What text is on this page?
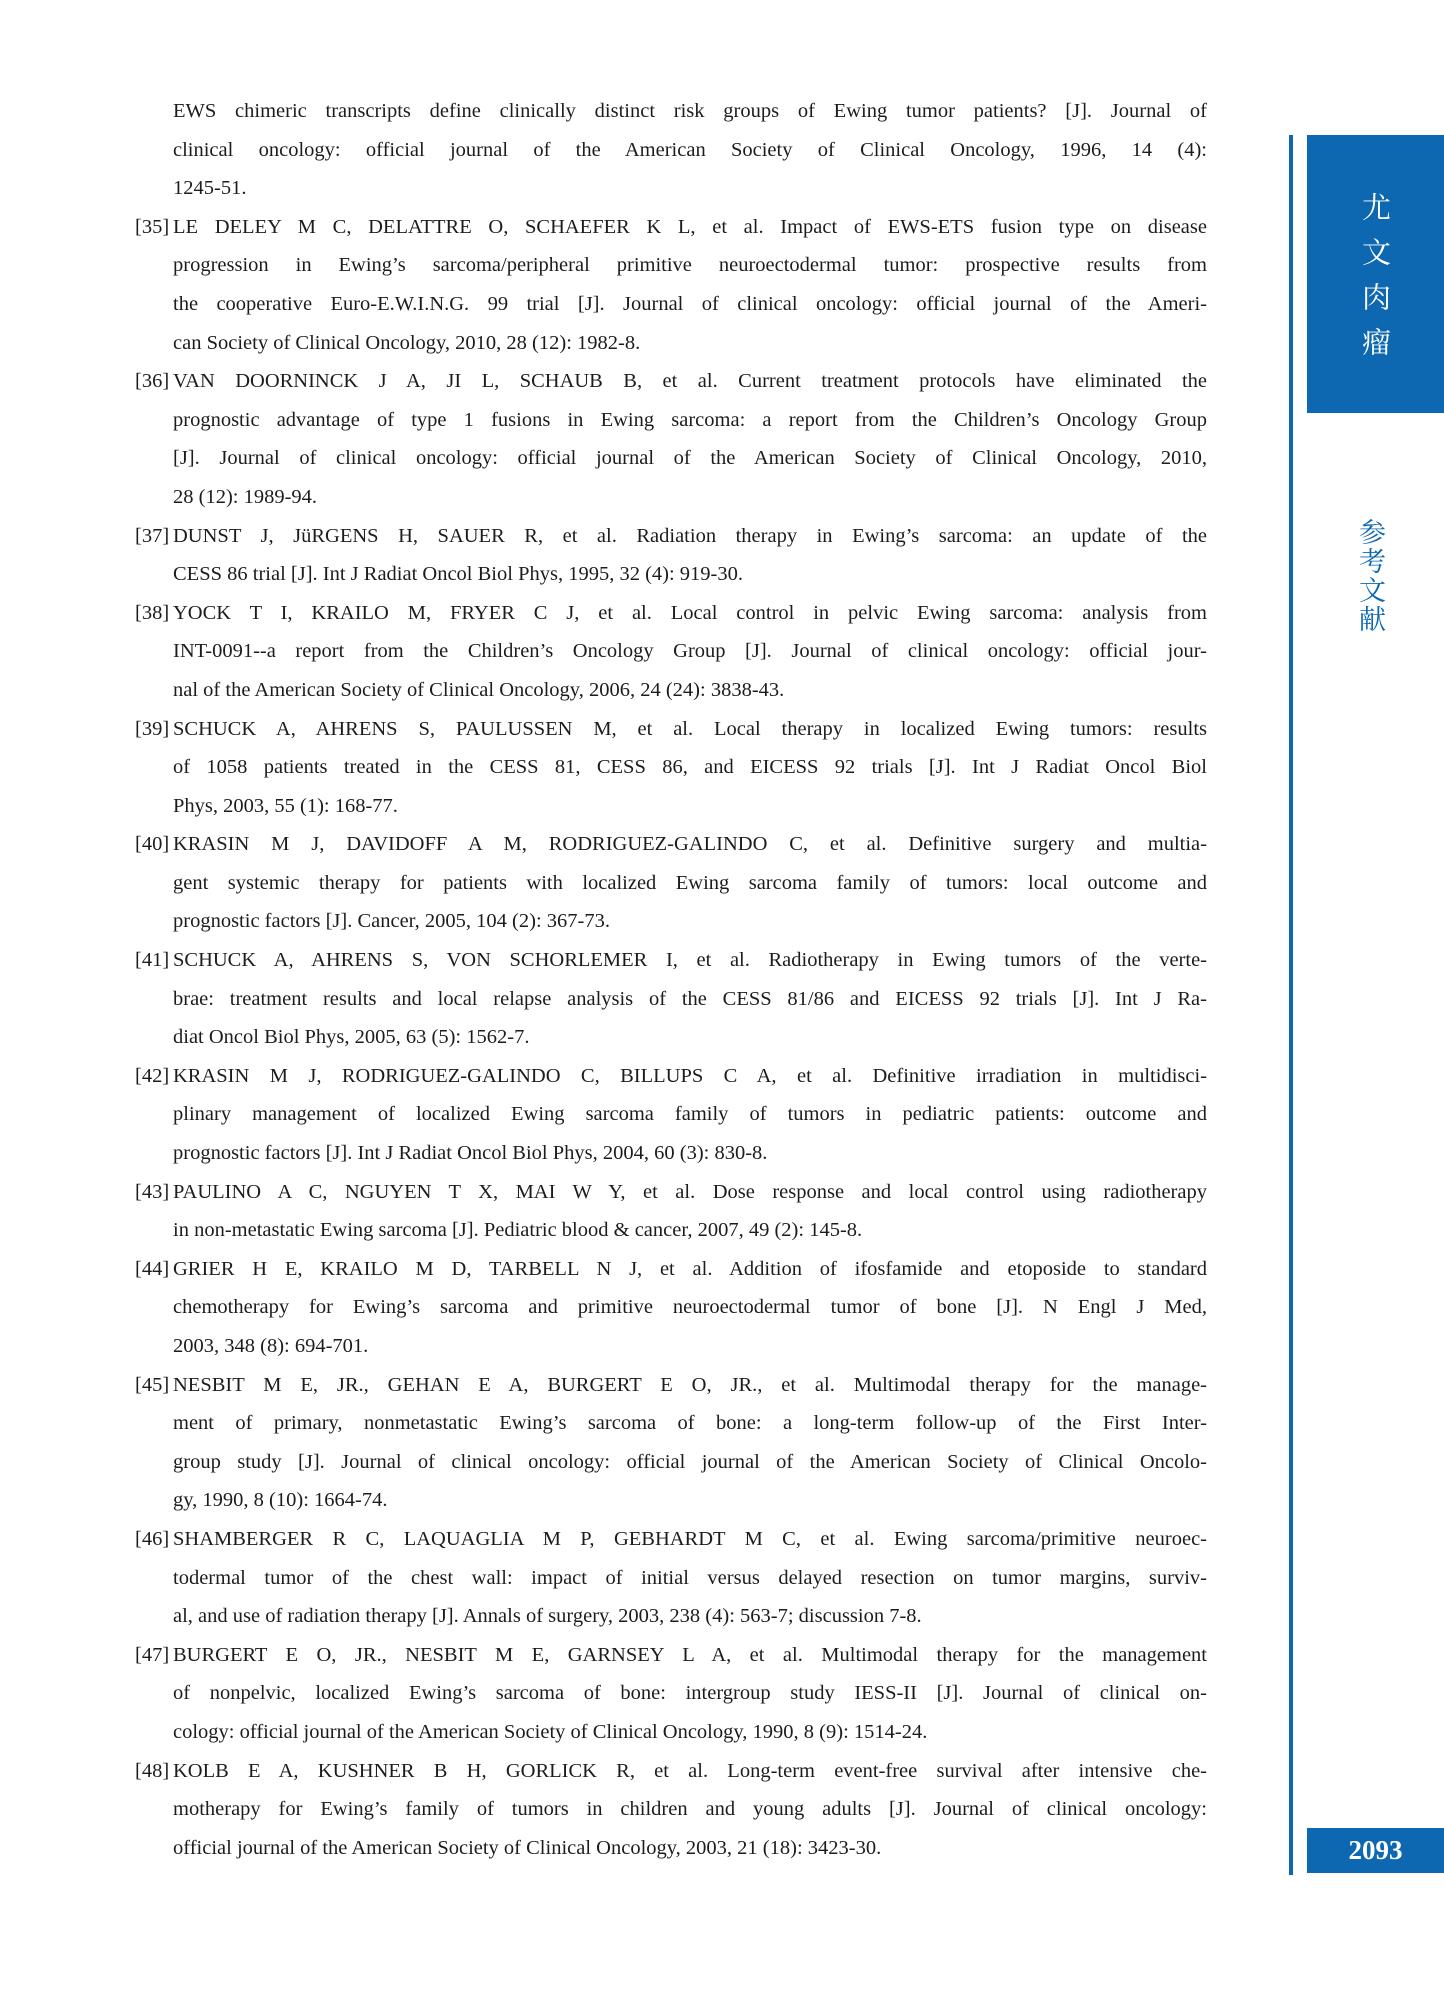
EWS chimeric transcripts define clinically distinct risk groups of Ewing tumor patients? [J]. Journal of
clinical oncology: official journal of the American Society of Clinical Oncology, 1996, 14 (4):
1245-51.
[35] LE DELEY M C, DELATTRE O, SCHAEFER K L, et al. Impact of EWS-ETS fusion type on disease
progression in Ewing’s sarcoma/peripheral primitive neuroectodermal tumor: prospective results from
the cooperative Euro-E.W.I.N.G. 99 trial [J]. Journal of clinical oncology: official journal of the Ameri-
can Society of Clinical Oncology, 2010, 28 (12): 1982-8.
[36] VAN DOORNINCK J A, JI L, SCHAUB B, et al. Current treatment protocols have eliminated the
prognostic advantage of type 1 fusions in Ewing sarcoma: a report from the Children’s Oncology Group
[J]. Journal of clinical oncology: official journal of the American Society of Clinical Oncology, 2010,
28 (12): 1989-94.
[37] DUNST J, JüRGENS H, SAUER R, et al. Radiation therapy in Ewing’s sarcoma: an update of the
CESS 86 trial [J]. Int J Radiat Oncol Biol Phys, 1995, 32 (4): 919-30.
[38] YOCK T I, KRAILO M, FRYER C J, et al. Local control in pelvic Ewing sarcoma: analysis from
INT-0091--a report from the Children’s Oncology Group [J]. Journal of clinical oncology: official jour-
nal of the American Society of Clinical Oncology, 2006, 24 (24): 3838-43.
[39] SCHUCK A, AHRENS S, PAULUSSEN M, et al. Local therapy in localized Ewing tumors: results
of 1058 patients treated in the CESS 81, CESS 86, and EICESS 92 trials [J]. Int J Radiat Oncol Biol
Phys, 2003, 55 (1): 168-77.
[40] KRASIN M J, DAVIDOFF A M, RODRIGUEZ-GALINDO C, et al. Definitive surgery and multia-
gent systemic therapy for patients with localized Ewing sarcoma family of tumors: local outcome and
prognostic factors [J]. Cancer, 2005, 104 (2): 367-73.
[41] SCHUCK A, AHRENS S, VON SCHORLEMER I, et al. Radiotherapy in Ewing tumors of the verte-
brae: treatment results and local relapse analysis of the CESS 81/86 and EICESS 92 trials [J]. Int J Ra-
diat Oncol Biol Phys, 2005, 63 (5): 1562-7.
[42] KRASIN M J, RODRIGUEZ-GALINDO C, BILLUPS C A, et al. Definitive irradiation in multidisci-
plinary management of localized Ewing sarcoma family of tumors in pediatric patients: outcome and
prognostic factors [J]. Int J Radiat Oncol Biol Phys, 2004, 60 (3): 830-8.
[43] PAULINO A C, NGUYEN T X, MAI W Y, et al. Dose response and local control using radiotherapy
in non-metastatic Ewing sarcoma [J]. Pediatric blood & cancer, 2007, 49 (2): 145-8.
[44] GRIER H E, KRAILO M D, TARBELL N J, et al. Addition of ifosfamide and etoposide to standard
chemotherapy for Ewing’s sarcoma and primitive neuroectodermal tumor of bone [J]. N Engl J Med,
2003, 348 (8): 694-701.
[45] NESBIT M E, JR., GEHAN E A, BURGERT E O, JR., et al. Multimodal therapy for the manage-
ment of primary, nonmetastatic Ewing’s sarcoma of bone: a long-term follow-up of the First Inter-
group study [J]. Journal of clinical oncology: official journal of the American Society of Clinical Oncolo-
gy, 1990, 8 (10): 1664-74.
[46] SHAMBERGER R C, LAQUAGLIA M P, GEBHARDT M C, et al. Ewing sarcoma/primitive neuroec-
todermal tumor of the chest wall: impact of initial versus delayed resection on tumor margins, surviv-
al, and use of radiation therapy [J]. Annals of surgery, 2003, 238 (4): 563-7; discussion 7-8.
[47] BURGERT E O, JR., NESBIT M E, GARNSEY L A, et al. Multimodal therapy for the management
of nonpelvic, localized Ewing’s sarcoma of bone: intergroup study IESS-II [J]. Journal of clinical on-
cology: official journal of the American Society of Clinical Oncology, 1990, 8 (9): 1514-24.
[48] KOLB E A, KUSHNER B H, GORLICK R, et al. Long-term event-free survival after intensive che-
motherapy for Ewing’s family of tumors in children and young adults [J]. Journal of clinical oncology:
official journal of the American Society of Clinical Oncology, 2003, 21 (18): 3423-30.
尤文肉瘤
参考文献
2093
